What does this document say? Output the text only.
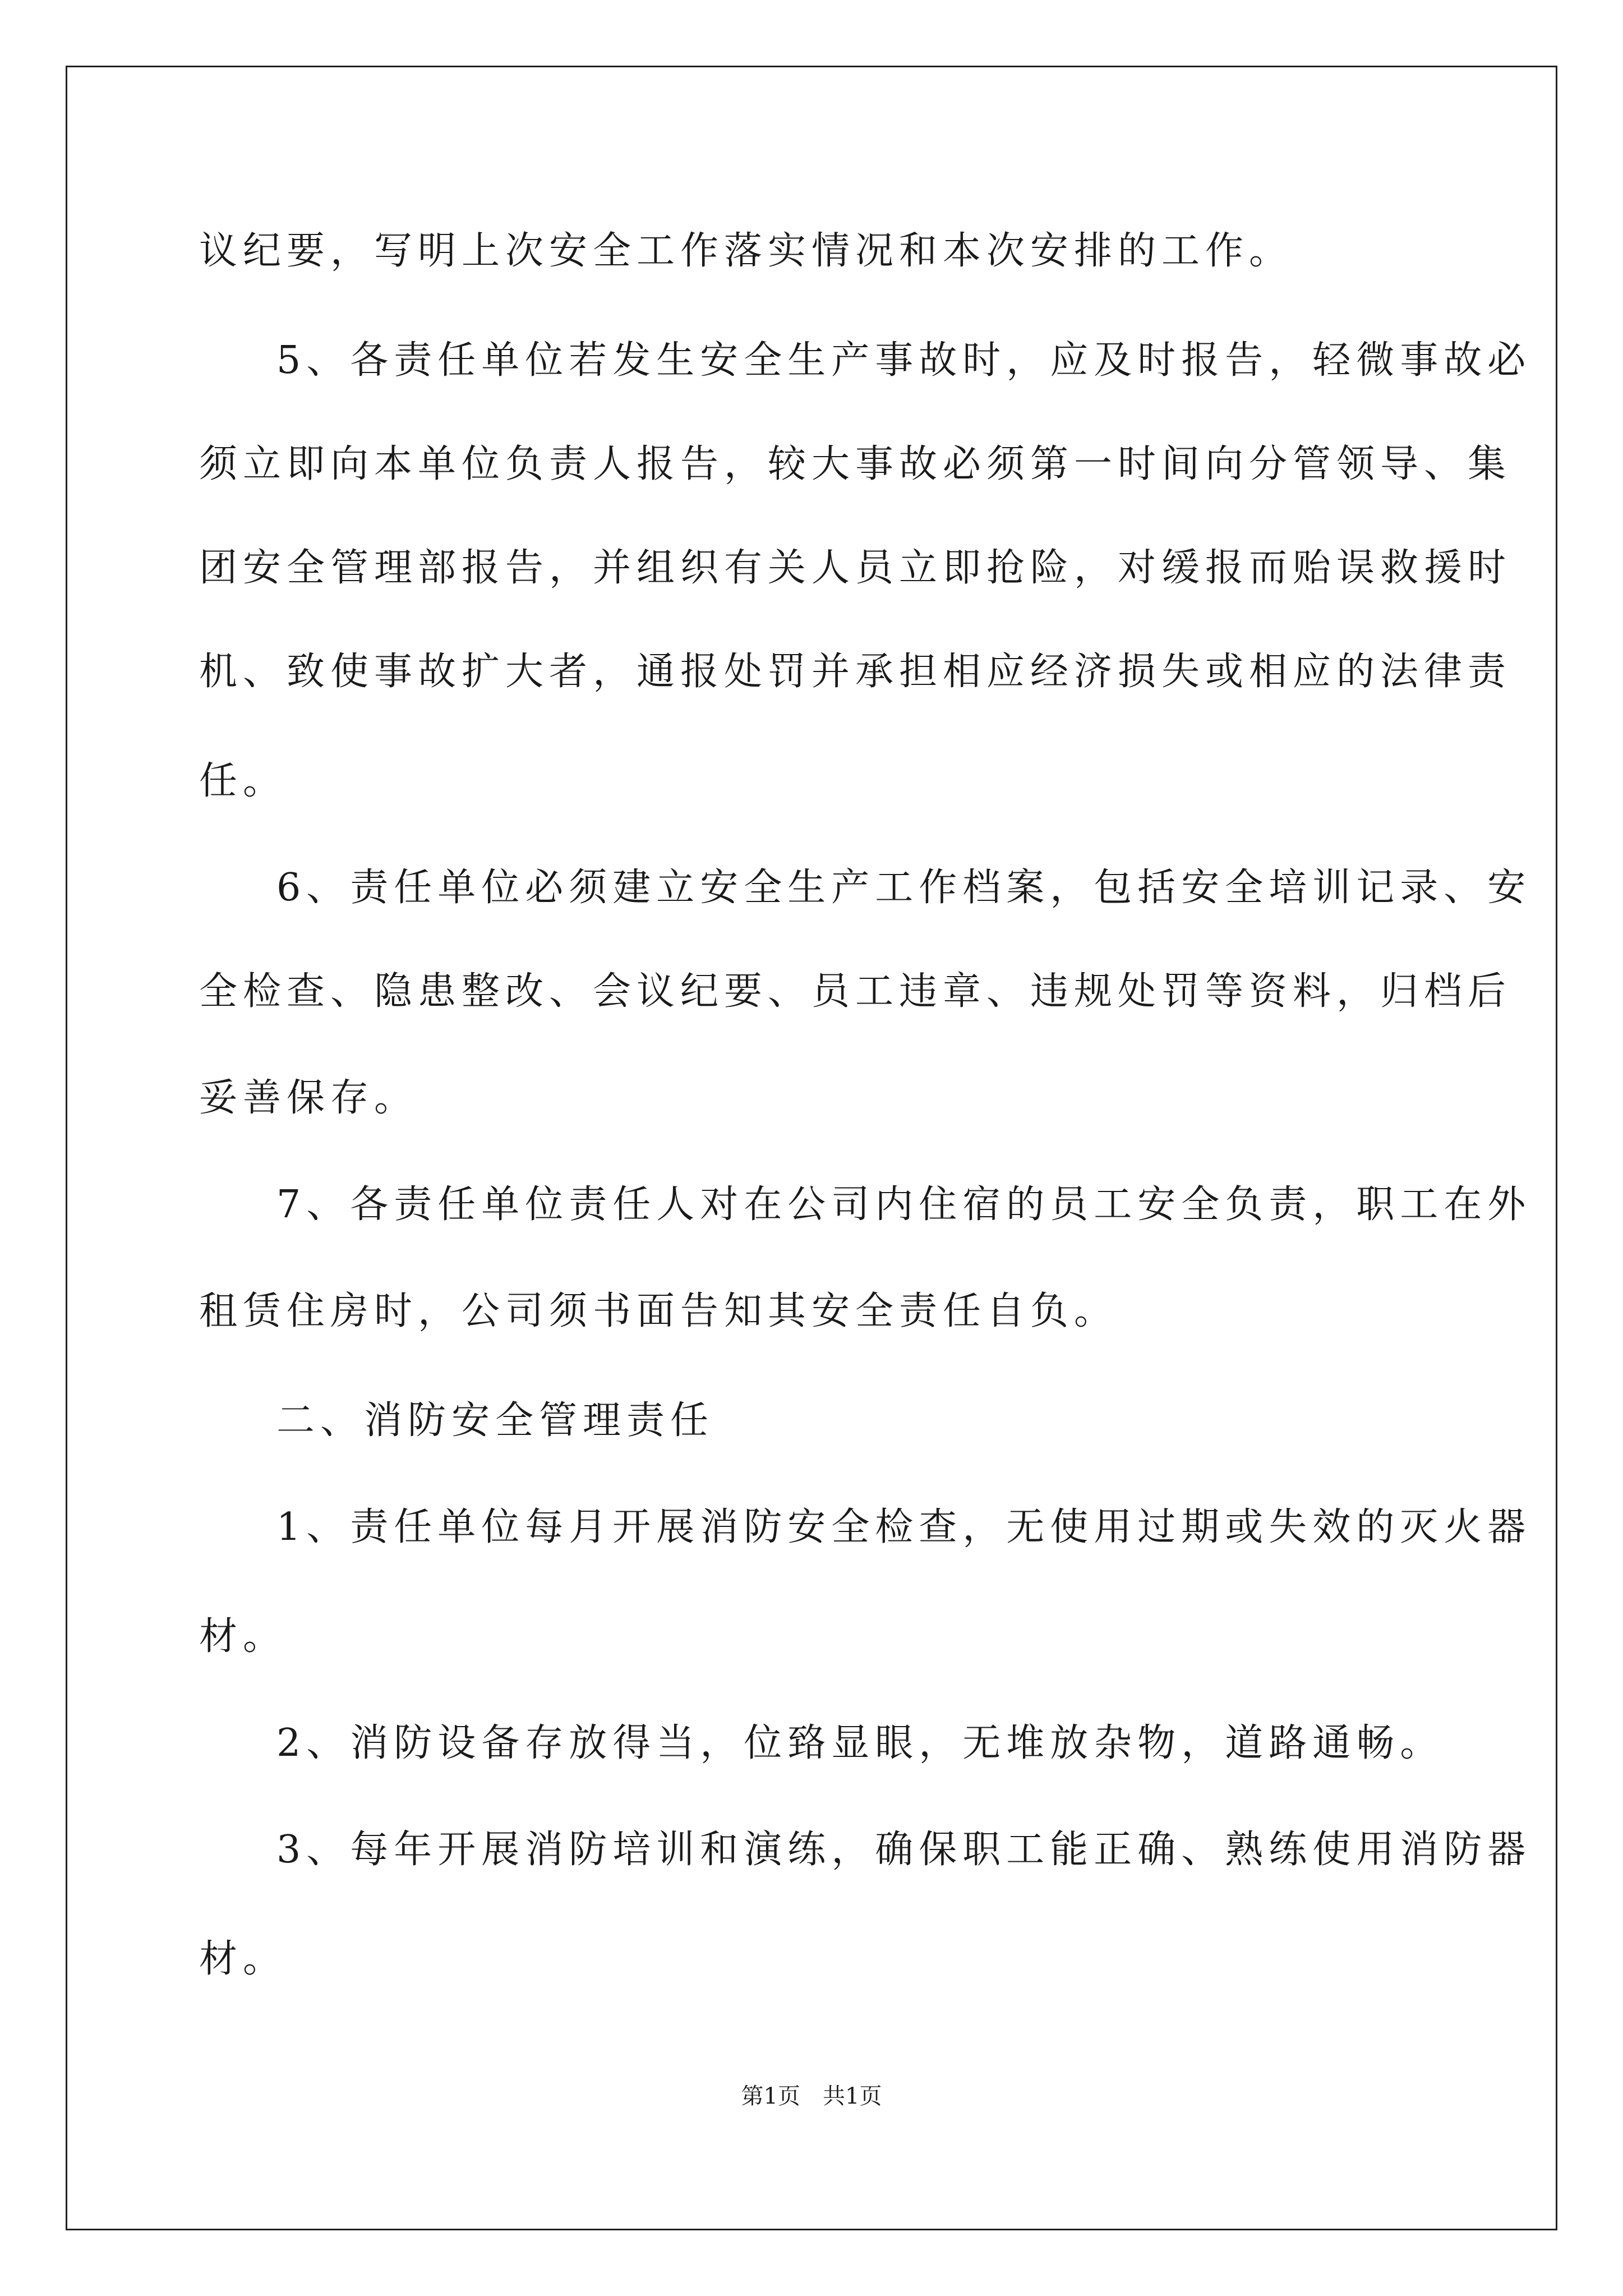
议纪要，写明上次安全工作落实情况和本次安排的工作。
5、各责任单位若发生安全生产事故时，应及时报告，轻微事故必
须立即向本单位负责人报告，较大事故必须第一时间向分管领导、集
团安全管理部报告，并组织有关人员立即抢险，对缓报而贻误救援时
机、致使事故扩大者，通报处罚并承担相应经济损失或相应的法律责
任。
6、责任单位必须建立安全生产工作档案，包括安全培训记录、安
全检查、隐患整改、会议纪要、员工违章、违规处罚等资料，归档后
妥善保存。
7、各责任单位责任人对在公司内住宿的员工安全负责，职工在外
租赁住房时，公司须书面告知其安全责任自负。
二、消防安全管理责任
1、责任单位每月开展消防安全检查，无使用过期或失效的灭火器
材。
2、消防设备存放得当，位臵显眼，无堆放杂物，道路通畅。
3、每年开展消防培训和演练，确保职工能正确、熟练使用消防器
材。
第1页　共1页
